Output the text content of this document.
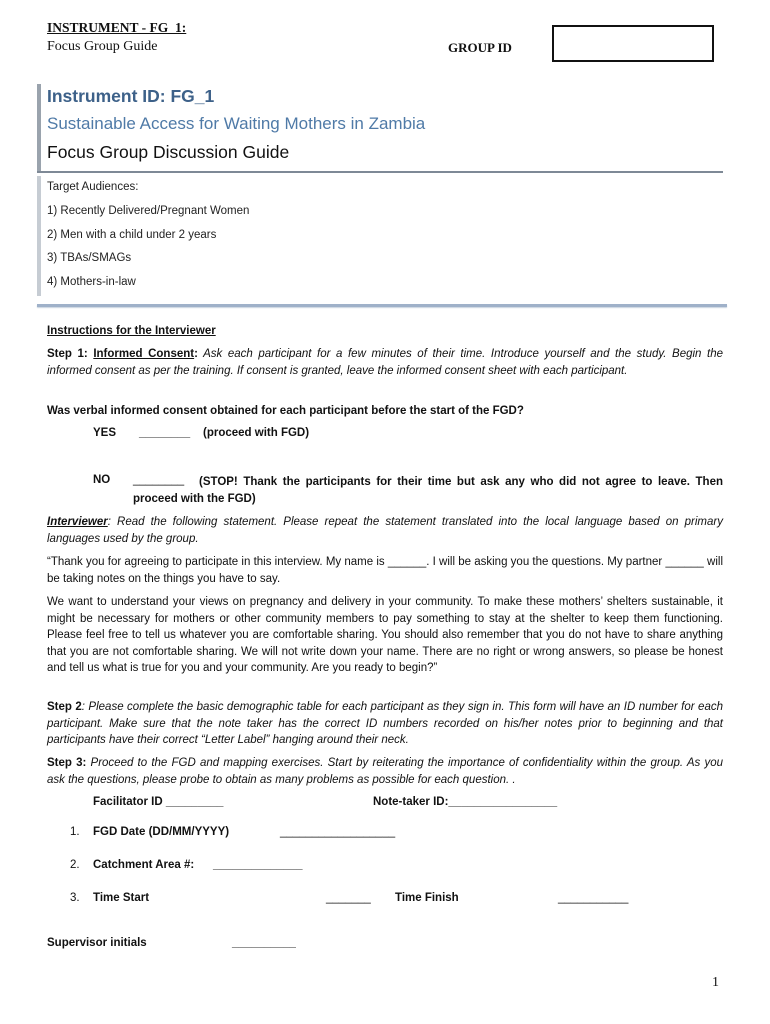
INSTRUMENT - FG_1:
Focus Group Guide	GROUP ID
Instrument ID: FG_1
Sustainable Access for Waiting Mothers in Zambia
Focus Group Discussion Guide
Target Audiences:
1) Recently Delivered/Pregnant Women
2) Men with a child under 2 years
3) TBAs/SMAGs
4) Mothers-in-law
Instructions for the Interviewer
Step 1: Informed Consent: Ask each participant for a few minutes of their time. Introduce yourself and the study. Begin the informed consent as per the training. If consent is granted, leave the informed consent sheet with each participant.
Was verbal informed consent obtained for each participant before the start of the FGD?
YES ________ (proceed with FGD)
NO ________	(STOP! Thank the participants for their time but ask any who did not agree to leave. Then proceed with the FGD)
Interviewer: Read the following statement. Please repeat the statement translated into the local language based on primary languages used by the group.
“Thank you for agreeing to participate in this interview. My name is ______. I will be asking you the questions. My partner ______ will be taking notes on the things you have to say.
We want to understand your views on pregnancy and delivery in your community. To make these mothers’ shelters sustainable, it might be necessary for mothers or other community members to pay something to stay at the shelter to keep them functioning. Please feel free to tell us whatever you are comfortable sharing. You should also remember that you do not have to share anything that you are not comfortable sharing. We will not write down your name. There are no right or wrong answers, so please be honest and tell us what is true for you and your community. Are you ready to begin?”
Step 2: Please complete the basic demographic table for each participant as they sign in. This form will have an ID number for each participant. Make sure that the note taker has the correct ID numbers recorded on his/her notes prior to beginning and that participants have their correct “Letter Label” hanging around their neck.
Step 3: Proceed to the FGD and mapping exercises. Start by reiterating the importance of confidentiality within the group. As you ask the questions, please probe to obtain as many problems as possible for each question. .
Facilitator ID _________	Note-taker ID:_________________
1. FGD Date (DD/MM/YYYY)	__________________
2. Catchment Area #: ______________
3. Time Start	_______ Time Finish	___________
Supervisor initials	__________
1
